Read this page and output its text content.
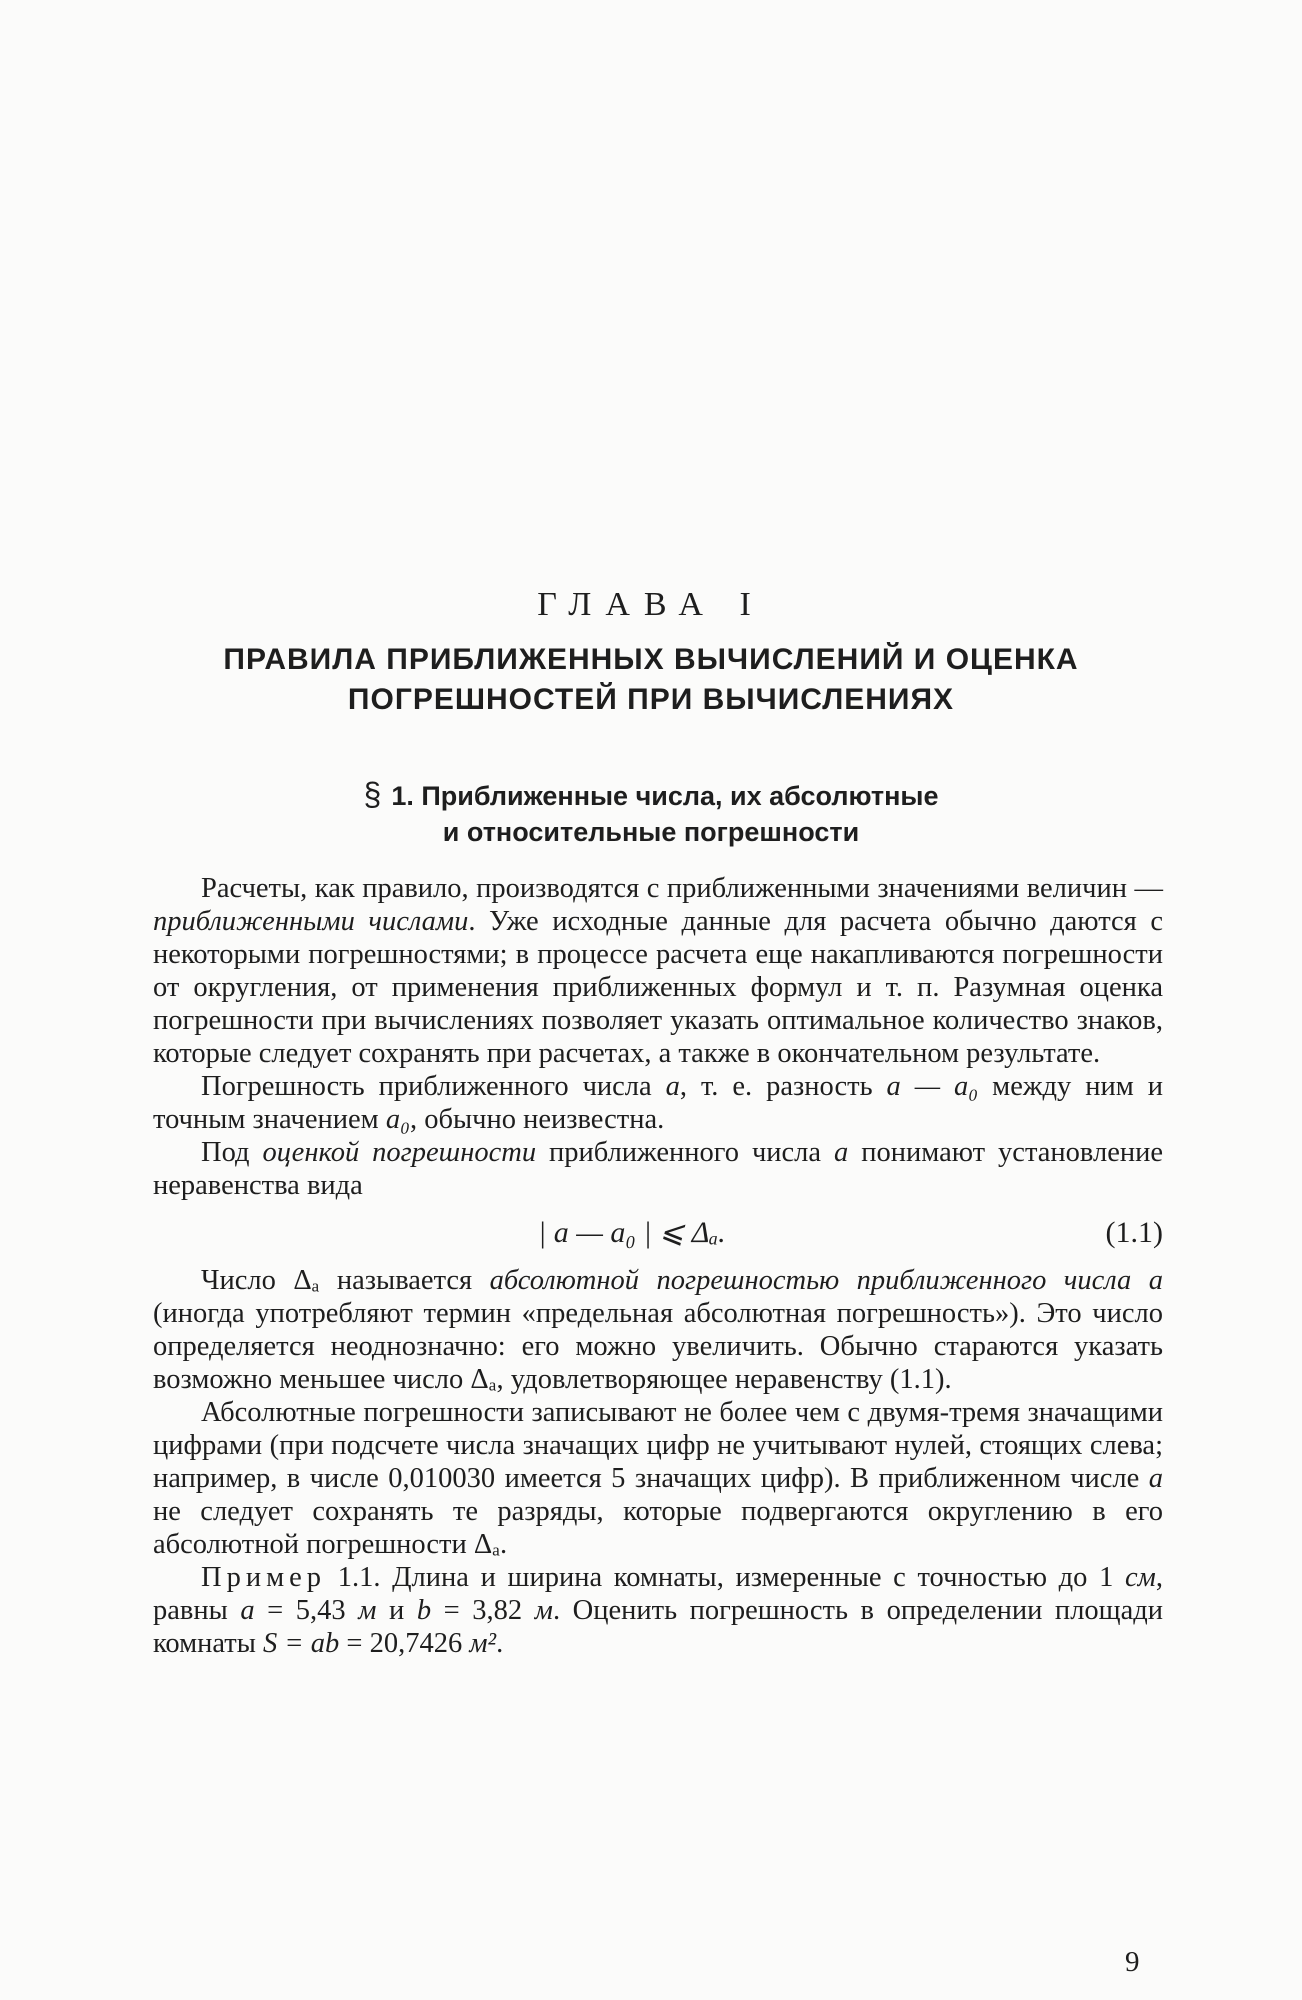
ГЛАВА I
ПРАВИЛА ПРИБЛИЖЕННЫХ ВЫЧИСЛЕНИЙ И ОЦЕНКА
ПОГРЕШНОСТЕЙ ПРИ ВЫЧИСЛЕНИЯХ
§ 1. Приближенные числа, их абсолютные
и относительные погрешности

Расчеты, как правило, производятся с приближенными значениями величин —приближенными числами. Уже исходные данные для расчета обычно даются с некоторыми погрешностями; в процессе расчета еще накапливаются погрешности от округления, от применения приближенных формул и т. п. Разумная оценка погрешности при вычислениях позволяет указать оптимальное количество знаков, которые следует сохранять при расчетах, а также в окончательном результате.

Погрешность приближенного числа a, т. е. разность a — a₀ между ним и точным значением a₀, обычно неизвестна.

Под оценкой погрешности приближенного числа a понимают установление неравенства вида

| a — a₀ | ⩽ Δₐ.	(1.1)

Число Δₐ называется абсолютной погрешностью приближенного числа a (иногда употребляют термин «предельная абсолютная погрешность»). Это число определяется неоднозначно: его можно увеличить. Обычно стараются указать возможно меньшее число Δₐ, удовлетворяющее неравенству (1.1).

Абсолютные погрешности записывают не более чем с двумя-тремя значащими цифрами (при подсчете числа значащих цифр не учитывают нулей, стоящих слева; например, в числе 0,010030 имеется 5 значащих цифр). В приближенном числе a не следует сохранять те разряды, которые подвергаются округлению в его абсолютной погрешности Δₐ.

Пример 1.1. Длина и ширина комнаты, измеренные с точностью до 1 см, равны a = 5,43 м и b = 3,82 м. Оценить погрешность в определении площади комнаты S = ab = 20,7426 м².

9
